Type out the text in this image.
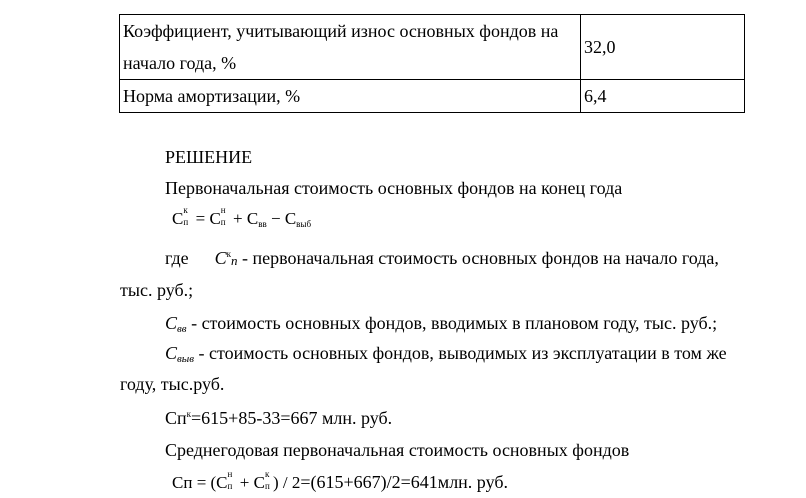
Коэффициент, учитывающий износ основных фондов на начало года, %	32,0
Норма амортизации, %	6,4
РЕШЕНИЕ
Первоначальная стоимость основных фондов на конец года
С к
п = С н
$п + С_{вв} - С_{выб}$
где $С^кп$ - первоначальная стоимость основных фондов на начало года,
тыс. руб.;
$С_{вв}$ - стоимость основных фондов, вводимых в плановом году, тыс. руб.;
$С_{выв}$ - стоимость основных фондов, выводимых из эксплуатации в том же
году, тыс.руб.
$Сп^к=615+85-33=667$ млн. руб.
Среднегодовая первоначальная стоимость основных фондов
Сп = (С н
п + С к
п ) / 2=(615+667)/2=641млн. руб.
